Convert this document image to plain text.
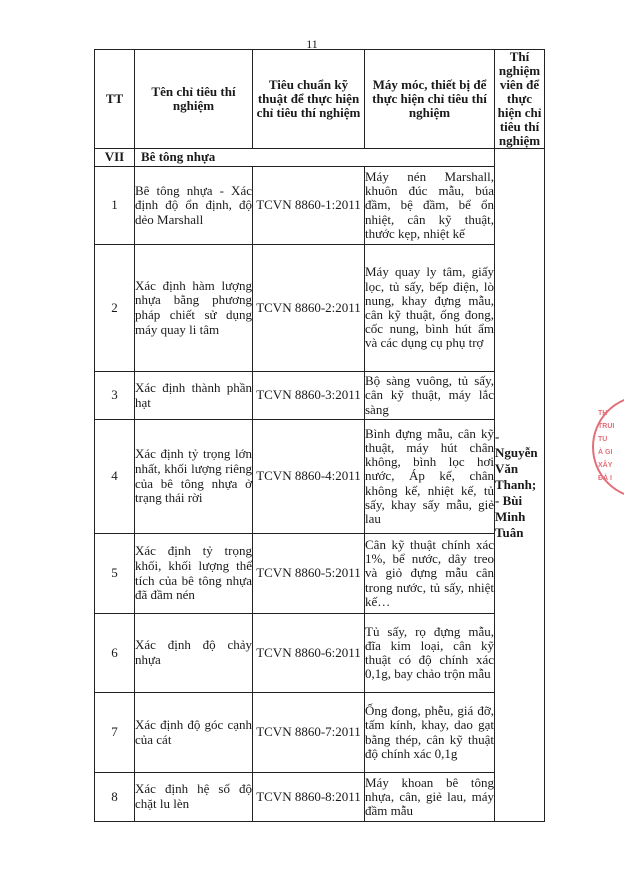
11
TT	Tên chỉ tiêu thí nghiệm	Tiêu chuẩn kỹ thuật để thực hiện chỉ tiêu thí nghiệm	Máy móc, thiết bị để thực hiện chỉ tiêu thí nghiệm	Thí nghiệm viên để thực hiện chỉ tiêu thí nghiệm
VII	Bê tông nhựa			- Nguyễn Văn Thanh;
- Bùi Minh Tuân

1	Bê tông nhựa - Xác định độ ổn định, độ dẻo Marshall	TCVN 8860-1:2011	Máy nén Marshall, khuôn đúc mẫu, búa đầm, bệ đầm, bể ổn nhiệt, cân kỹ thuật, thước kẹp, nhiệt kế	
2	Xác định hàm lượng nhựa bằng phương pháp chiết sử dụng máy quay li tâm	TCVN 8860-2:2011	Máy quay ly tâm, giấy lọc, tủ sấy, bếp điện, lò nung, khay đựng mẫu, cân kỹ thuật, ống đong, cốc nung, bình hút ẩm và các dụng cụ phụ trợ	
3	Xác định thành phần hạt	TCVN 8860-3:2011	Bộ sàng vuông, tủ sấy, cân kỹ thuật, máy lắc sàng	
4	Xác định tỷ trọng lớn nhất, khối lượng riêng của bê tông nhựa ở trạng thái rời	TCVN 8860-4:2011	Bình đựng mẫu, cân kỹ thuật, máy hút chân không, bình lọc hơi nước, Áp kế, chân không kế, nhiệt kế, tủ sấy, khay sấy mẫu, giẻ lau	
5	Xác định tỷ trọng khối, khối lượng thể tích của bê tông nhựa đã đầm nén	TCVN 8860-5:2011	Cân kỹ thuật chính xác 1%, bể nước, dây treo và giỏ đựng mẫu cân trong nước, tủ sấy, nhiệt kế…	
6	Xác định độ chảy nhựa	TCVN 8860-6:2011	Tủ sấy, rọ đựng mẫu, đĩa kim loại, cân kỹ thuật có độ chính xác 0,1g, bay chảo trộn mẫu	
7	Xác định độ góc cạnh của cát	TCVN 8860-7:2011	Ống đong, phễu, giá đỡ, tấm kính, khay, dao gạt bằng thép, cân kỹ thuật độ chính xác 0,1g	
8	Xác định hệ số độ chặt lu lèn	TCVN 8860-8:2011	Máy khoan bê tông nhựa, cân, giẻ lau, máy đầm mẫu	
TH
TRUI
TU
À GI
XÂY
ĐÀ I
